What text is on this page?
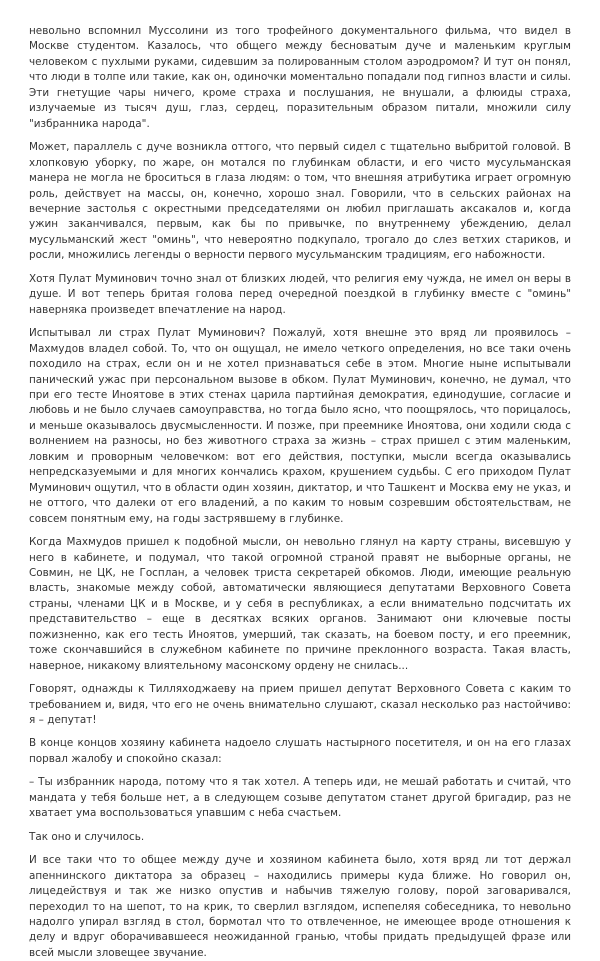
невольно вспомнил Муссолини из того трофейного документального фильма, что видел в Москве студентом. Казалось, что общего между бесноватым дуче и маленьким круглым человеком с пухлыми руками, сидевшим за полированным столом аэродромом? И тут он понял, что люди в толпе или такие, как он, одиночки моментально попадали под гипноз власти и силы. Эти гнетущие чары ничего, кроме страха и послушания, не внушали, а флюиды страха, излучаемые из тысяч душ, глаз, сердец, поразительным образом питали, множили силу "избранника народа".

Может, параллель с дуче возникла оттого, что первый сидел с тщательно выбритой головой. В хлопковую уборку, по жаре, он мотался по глубинкам области, и его чисто мусульманская манера не могла не броситься в глаза людям: о том, что внешняя атрибутика играет огромную роль, действует на массы, он, конечно, хорошо знал. Говорили, что в сельских районах на вечерние застолья с окрестными председателями он любил приглашать аксакалов и, когда ужин заканчивался, первым, как бы по привычке, по внутреннему убеждению, делал мусульманский жест "оминь", что невероятно подкупало, трогало до слез ветхих стариков, и росли, множились легенды о верности первого мусульманским традициям, его набожности.

Хотя Пулат Муминович точно знал от близких людей, что религия ему чужда, не имел он веры в душе. И вот теперь бритая голова перед очередной поездкой в глубинку вместе с "оминь" наверняка произведет впечатление на народ.

Испытывал ли страх Пулат Муминович? Пожалуй, хотя внешне это вряд ли проявилось – Махмудов владел собой. То, что он ощущал, не имело четкого определения, но все таки очень походило на страх, если он и не хотел признаваться себе в этом. Многие ныне испытывали панический ужас при персональном вызове в обком. Пулат Муминович, конечно, не думал, что при его тесте Иноятове в этих стенах царила партийная демократия, единодушие, согласие и любовь и не было случаев самоуправства, но тогда было ясно, что поощрялось, что порицалось, и меньше оказывалось двусмысленности. И позже, при преемнике Иноятова, они ходили сюда с волнением на разносы, но без животного страха за жизнь – страх пришел с этим маленьким, ловким и проворным человечком: вот его действия, поступки, мысли всегда оказывались непредсказуемыми и для многих кончались крахом, крушением судьбы. С его приходом Пулат Муминович ощутил, что в области один хозяин, диктатор, и что Ташкент и Москва ему не указ, и не оттого, что далеки от его владений, а по каким то новым созревшим обстоятельствам, не совсем понятным ему, на годы застрявшему в глубинке.

Когда Махмудов пришел к подобной мысли, он невольно глянул на карту страны, висевшую у него в кабинете, и подумал, что такой огромной страной правят не выборные органы, не Совмин, не ЦК, не Госплан, а человек триста секретарей обкомов. Люди, имеющие реальную власть, знакомые между собой, автоматически являющиеся депутатами Верховного Совета страны, членами ЦК и в Москве, и у себя в республиках, а если внимательно подсчитать их представительство – еще в десятках всяких органов. Занимают они ключевые посты пожизненно, как его тесть Иноятов, умерший, так сказать, на боевом посту, и его преемник, тоже скончавшийся в служебном кабинете по причине преклонного возраста. Такая власть, наверное, никакому влиятельному масонскому ордену не снилась...

Говорят, однажды к Тилляходжаеву на прием пришел депутат Верховного Совета с каким то требованием и, видя, что его не очень внимательно слушают, сказал несколько раз настойчиво: я – депутат!

В конце концов хозяину кабинета надоело слушать настырного посетителя, и он на его глазах порвал жалобу и спокойно сказал:

– Ты избранник народа, потому что я так хотел. А теперь иди, не мешай работать и считай, что мандата у тебя больше нет, а в следующем созыве депутатом станет другой бригадир, раз не хватает ума воспользоваться упавшим с неба счастьем.

Так оно и случилось.

И все таки что то общее между дуче и хозяином кабинета было, хотя вряд ли тот держал апеннинского диктатора за образец – находились примеры куда ближе. Но говорил он, лицедействуя и так же низко опустив и набычив тяжелую голову, порой заговаривался, переходил то на шепот, то на крик, то сверлил взглядом, испепеляя собеседника, то невольно надолго упирал взгляд в стол, бормотал что то отвлеченное, не имеющее вроде отношения к делу и вдруг оборачивавшееся неожиданной гранью, чтобы придать предыдущей фразе или всей мысли зловещее звучание.
